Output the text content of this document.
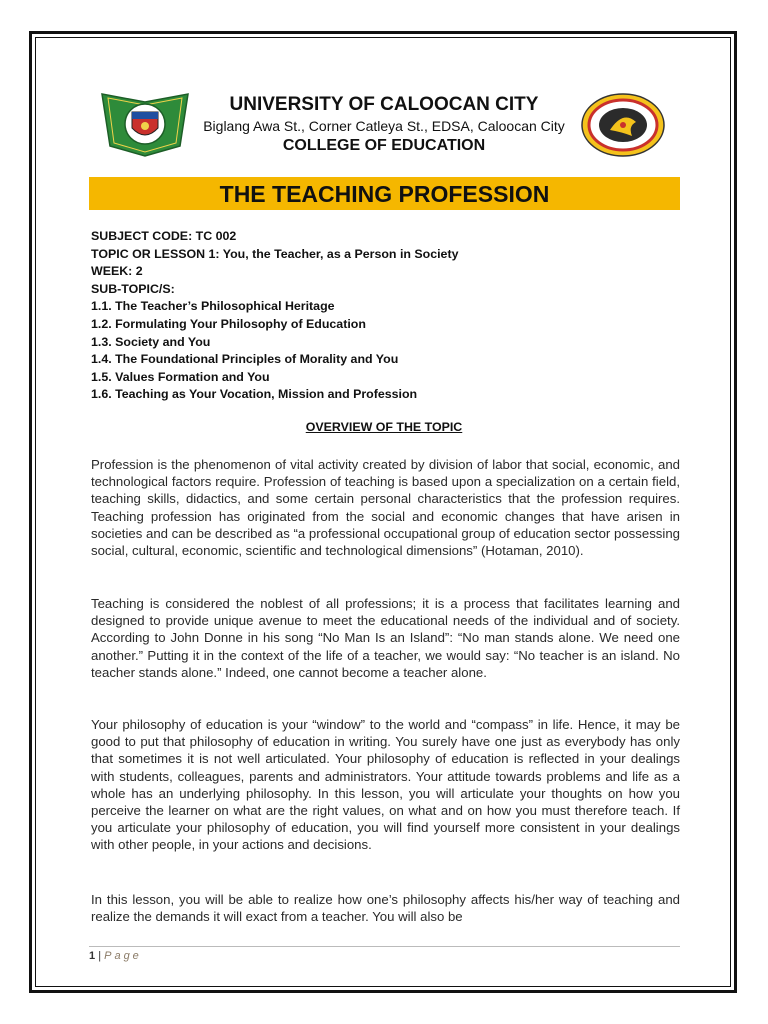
UNIVERSITY OF CALOOCAN CITY
Biglang Awa St., Corner Catleya St., EDSA, Caloocan City
COLLEGE OF EDUCATION
THE TEACHING PROFESSION
SUBJECT CODE: TC 002
TOPIC OR LESSON 1: You, the Teacher, as a Person in Society
WEEK: 2
SUB-TOPIC/S:
1.1. The Teacher’s Philosophical Heritage
1.2. Formulating Your Philosophy of Education
1.3. Society and You
1.4. The Foundational Principles of Morality and You
1.5. Values Formation and You
1.6. Teaching as Your Vocation, Mission and Profession
OVERVIEW OF THE TOPIC

Profession is the phenomenon of vital activity created by division of labor that social, economic, and technological factors require. Profession of teaching is based upon a specialization on a certain field, teaching skills, didactics, and some certain personal characteristics that the profession requires. Teaching profession has originated from the social and economic changes that have arisen in societies and can be described as “a professional occupational group of education sector possessing social, cultural, economic, scientific and technological dimensions” (Hotaman, 2010).

Teaching is considered the noblest of all professions; it is a process that facilitates learning and designed to provide unique avenue to meet the educational needs of the individual and of society. According to John Donne in his song “No Man Is an Island”: “No man stands alone. We need one another.” Putting it in the context of the life of a teacher, we would say: “No teacher is an island. No teacher stands alone.” Indeed, one cannot become a teacher alone.

Your philosophy of education is your “window” to the world and “compass” in life. Hence, it may be good to put that philosophy of education in writing. You surely have one just as everybody has only that sometimes it is not well articulated. Your philosophy of education is reflected in your dealings with students, colleagues, parents and administrators. Your attitude towards problems and life as a whole has an underlying philosophy. In this lesson, you will articulate your thoughts on how you perceive the learner on what are the right values, on what and on how you must therefore teach. If you articulate your philosophy of education, you will find yourself more consistent in your dealings with other people, in your actions and decisions.

In this lesson, you will be able to realize how one’s philosophy affects his/her way of teaching and realize the demands it will exact from a teacher. You will also be

1 | Page
